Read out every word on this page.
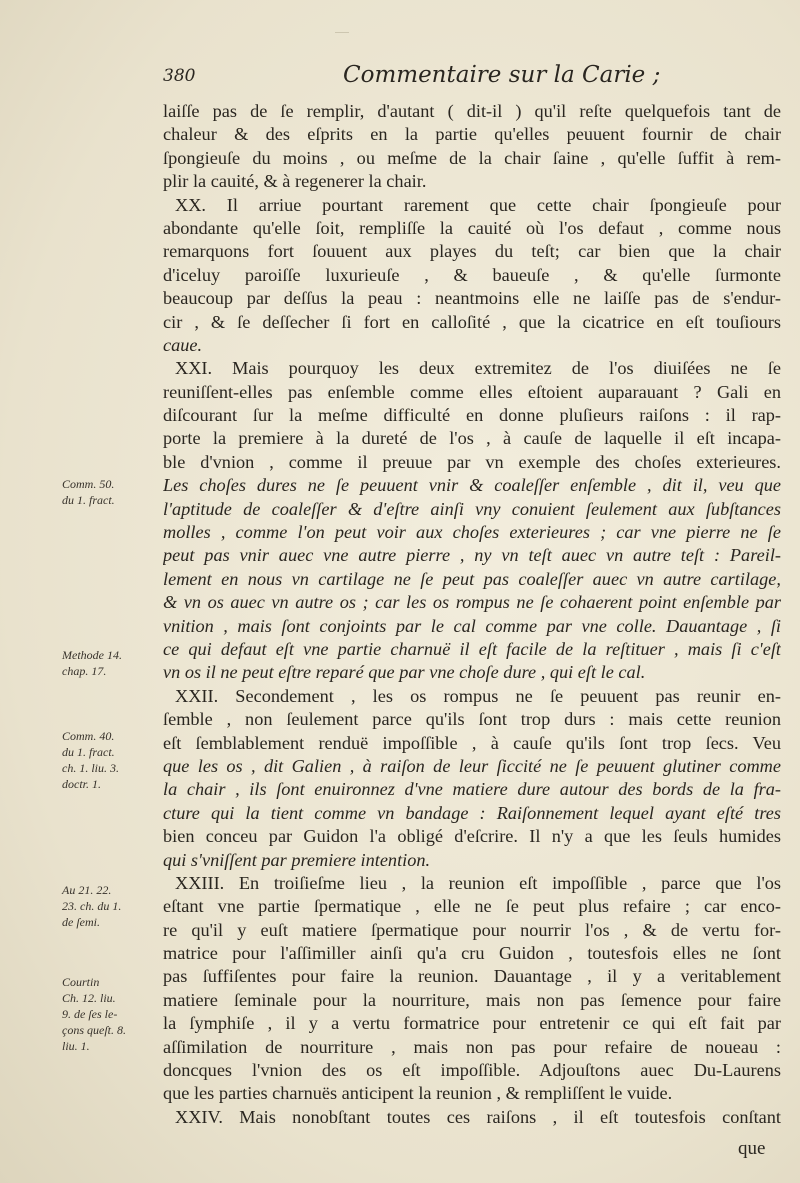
380	Commentaire sur la Carie ;
laiſſe pas de ſe remplir, d'autant ( dit-il ) qu'il reſte quelquefois tant de
chaleur & des eſprits en la partie qu'elles peuuent fournir de chair
ſpongieuſe du moins , ou meſme de la chair ſaine , qu'elle ſuffit à rem-
plir la cauité, & à regenerer la chair.
XX. Il arriue pourtant rarement que cette chair ſpongieuſe pour
abondante qu'elle ſoit, rempliſſe la cauité où l'os defaut , comme nous
remarquons fort ſouuent aux playes du teſt; car bien que la chair
d'iceluy paroiſſe luxurieuſe , & baueuſe , & qu'elle ſurmonte
beaucoup par deſſus la peau : neantmoins elle ne laiſſe pas de s'endur-
cir , & ſe deſſecher ſi fort en calloſité , que la cicatrice en eſt touſiours
caue.
XXI. Mais pourquoy les deux extremitez de l'os diuiſées ne ſe
reuniſſent-elles pas enſemble comme elles eſtoient auparauant ? Gali en
diſcourant ſur la meſme difficulté en donne pluſieurs raiſons : il rap-
porte la premiere à la dureté de l'os , à cauſe de laquelle il eſt incapa-
ble d'vnion , comme il preuue par vn exemple des choſes exterieures.
Les choſes dures ne ſe peuuent vnir & coaleſſer enſemble , dit il, veu que
l'aptitude de coaleſſer & d'eſtre ainſi vny conuient ſeulement aux ſubſtances
molles , comme l'on peut voir aux choſes exterieures ; car vne pierre ne ſe
peut pas vnir auec vne autre pierre , ny vn teſt auec vn autre teſt : Pareil-
lement en nous vn cartilage ne ſe peut pas coaleſſer auec vn autre cartilage,
& vn os auec vn autre os ; car les os rompus ne ſe cohaerent point enſemble par
vnition , mais ſont conjoints par le cal comme par vne colle. Dauantage , ſi
ce qui defaut eſt vne partie charnuë il eſt facile de la reſtituer , mais ſi c'eſt
vn os il ne peut eſtre reparé que par vne choſe dure , qui eſt le cal.
XXII. Secondement , les os rompus ne ſe peuuent pas reunir en-
ſemble , non ſeulement parce qu'ils ſont trop durs : mais cette reunion
eſt ſemblablement renduë impoſſible , à cauſe qu'ils ſont trop ſecs. Veu
que les os , dit Galien , à raiſon de leur ſiccité ne ſe peuuent glutiner comme
la chair , ils ſont enuironnez d'vne matiere dure autour des bords de la fra-
cture qui la tient comme vn bandage : Raiſonnement lequel ayant eſté tres
bien conceu par Guidon l'a obligé d'eſcrire. Il n'y a que les ſeuls humides
qui s'vniſſent par premiere intention.
XXIII. En troiſieſme lieu , la reunion eſt impoſſible , parce que l'os
eſtant vne partie ſpermatique , elle ne ſe peut plus refaire ; car enco-
re qu'il y euſt matiere ſpermatique pour nourrir l'os , & de vertu for-
matrice pour l'aſſimiller ainſi qu'a cru Guidon , toutesfois elles ne ſont
pas ſuffiſentes pour faire la reunion. Dauantage , il y a veritablement
matiere ſeminale pour la nourriture, mais non pas ſemence pour faire
la ſymphiſe , il y a vertu formatrice pour entretenir ce qui eſt fait par
aſſimilation de nourriture , mais non pas pour refaire de noueau :
doncques l'vnion des os eſt impoſſible. Adjouſtons auec Du-Laurens
que les parties charnuës anticipent la reunion , & rempliſſent le vuide.
XXIV. Mais nonobſtant toutes ces raiſons , il eſt toutesfois conſtant
Comm. 50.
du 1. fract.
Methode 14.
chap. 17.
Comm. 40.
du 1. fract.
ch. 1. liu. 3.
doctr. 1.
Au 21. 22.
23. ch. du 1.
de ſemi.
Courtin
Ch. 12. liu.
9. de ſes le-
çons queſt. 8.
liu. 1.
que
